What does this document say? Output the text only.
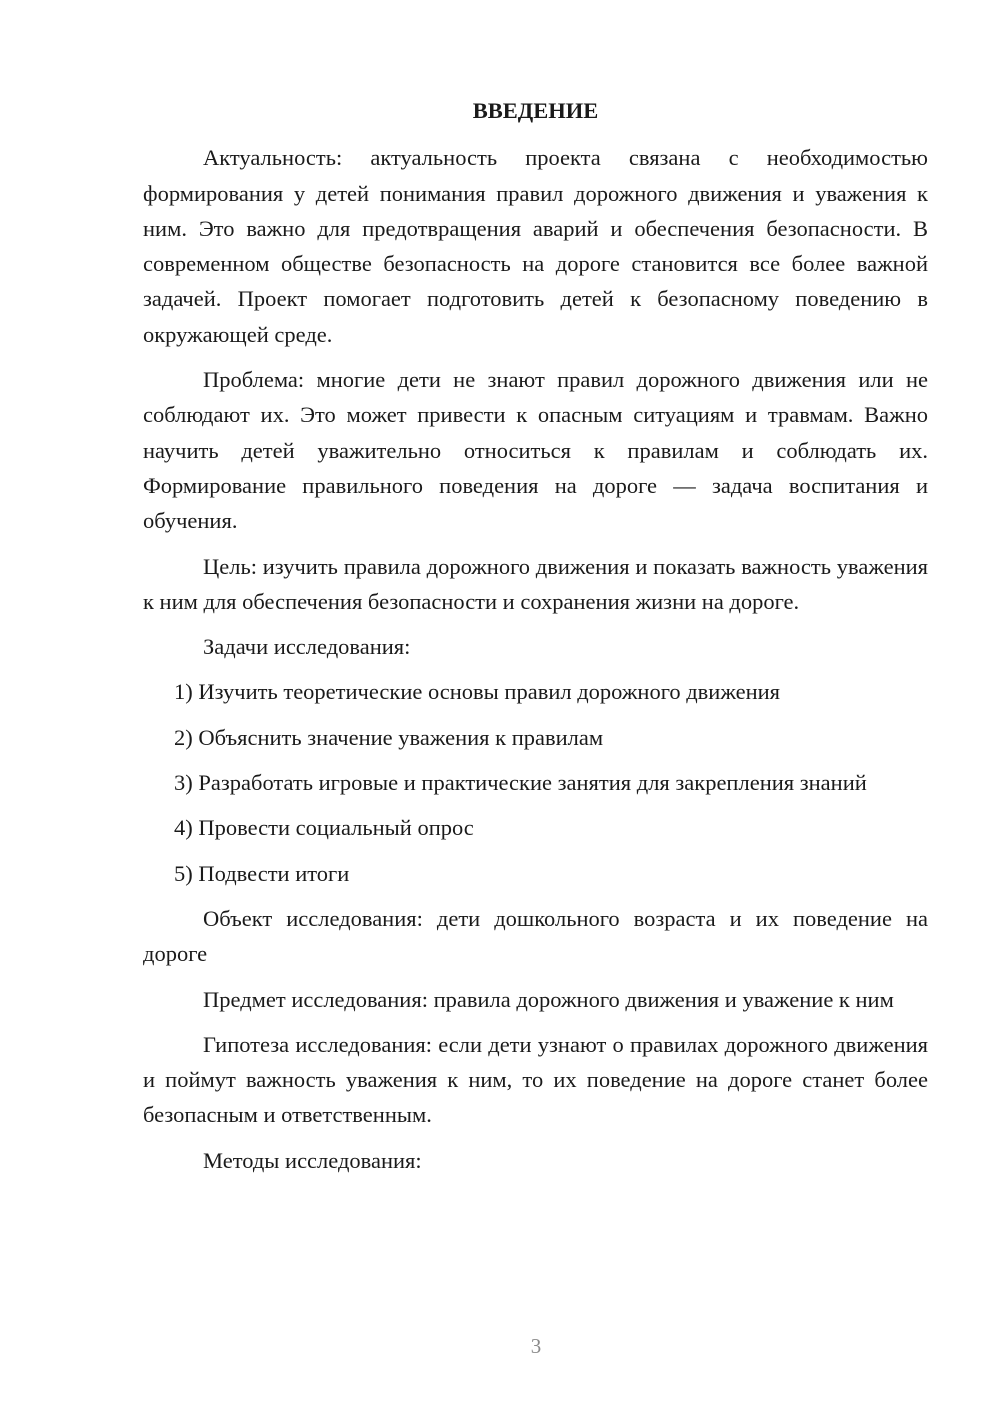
ВВЕДЕНИЕ

Актуальность: актуальность проекта связана с необходимостью формирования у детей понимания правил дорожного движения и уважения к ним. Это важно для предотвращения аварий и обеспечения безопасности. В современном обществе безопасность на дороге становится все более важной задачей. Проект помогает подготовить детей к безопасному поведению в окружающей среде.

Проблема: многие дети не знают правил дорожного движения или не соблюдают их. Это может привести к опасным ситуациям и травмам. Важно научить детей уважительно относиться к правилам и соблюдать их. Формирование правильного поведения на дороге — задача воспитания и обучения.

Цель: изучить правила дорожного движения и показать важность уважения к ним для обеспечения безопасности и сохранения жизни на дороге.

Задачи исследования:

1) Изучить теоретические основы правил дорожного движения

2) Объяснить значение уважения к правилам

3) Разработать игровые и практические занятия для закрепления знаний

4) Провести социальный опрос

5) Подвести итоги

Объект исследования: дети дошкольного возраста и их поведение на дороге

Предмет исследования: правила дорожного движения и уважение к ним

Гипотеза исследования: если дети узнают о правилах дорожного движения и поймут важность уважения к ним, то их поведение на дороге станет более безопасным и ответственным.

Методы исследования:

3
